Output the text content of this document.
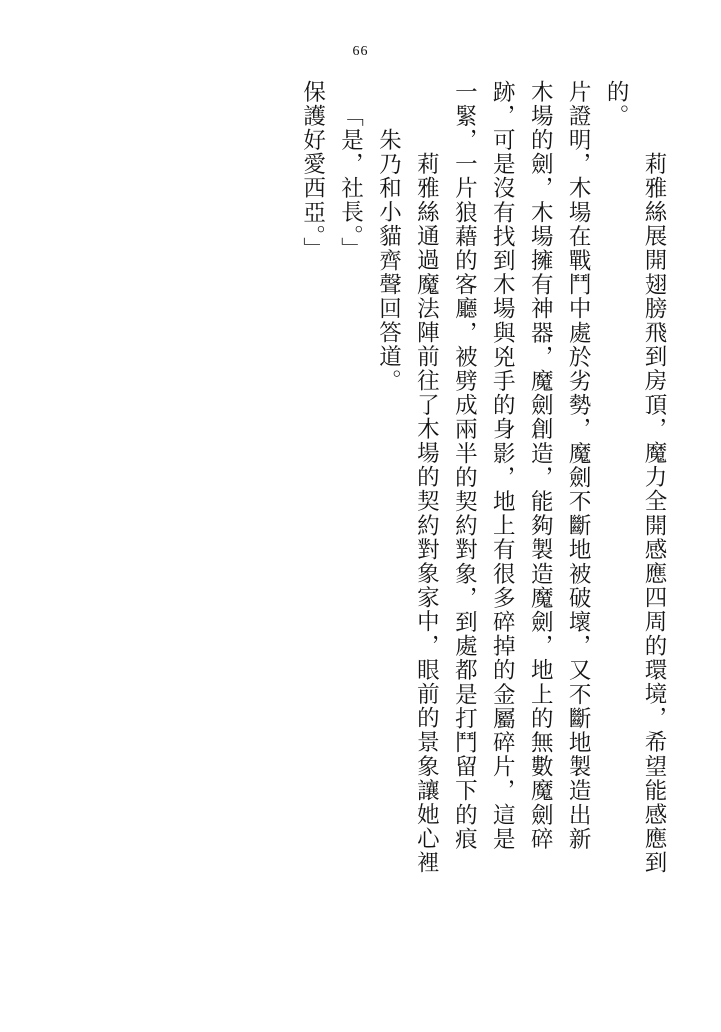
66
保護好愛西亞。」 「是，社長。」 朱乃和小貓齊聲回答道。 莉雅絲通過魔法陣前往了木場的契約對象家中，眼前的景象讓她心裡 一緊，一片狼藉的客廳，被劈成兩半的契約對象，到處都是打鬥留下的痕 跡，可是沒有找到木場與兇手的身影，地上有很多碎掉的金屬碎片，這是 木場的劍，木場擁有神器，魔劍創造，能夠製造魔劍，地上的無數魔劍碎 片證明，木場在戰鬥中處於劣勢，魔劍不斷地被破壞，又不斷地製造出新 的。
莉雅絲展開翅膀飛到房頂，魔力全開感應四周的環境，希望能感應到
